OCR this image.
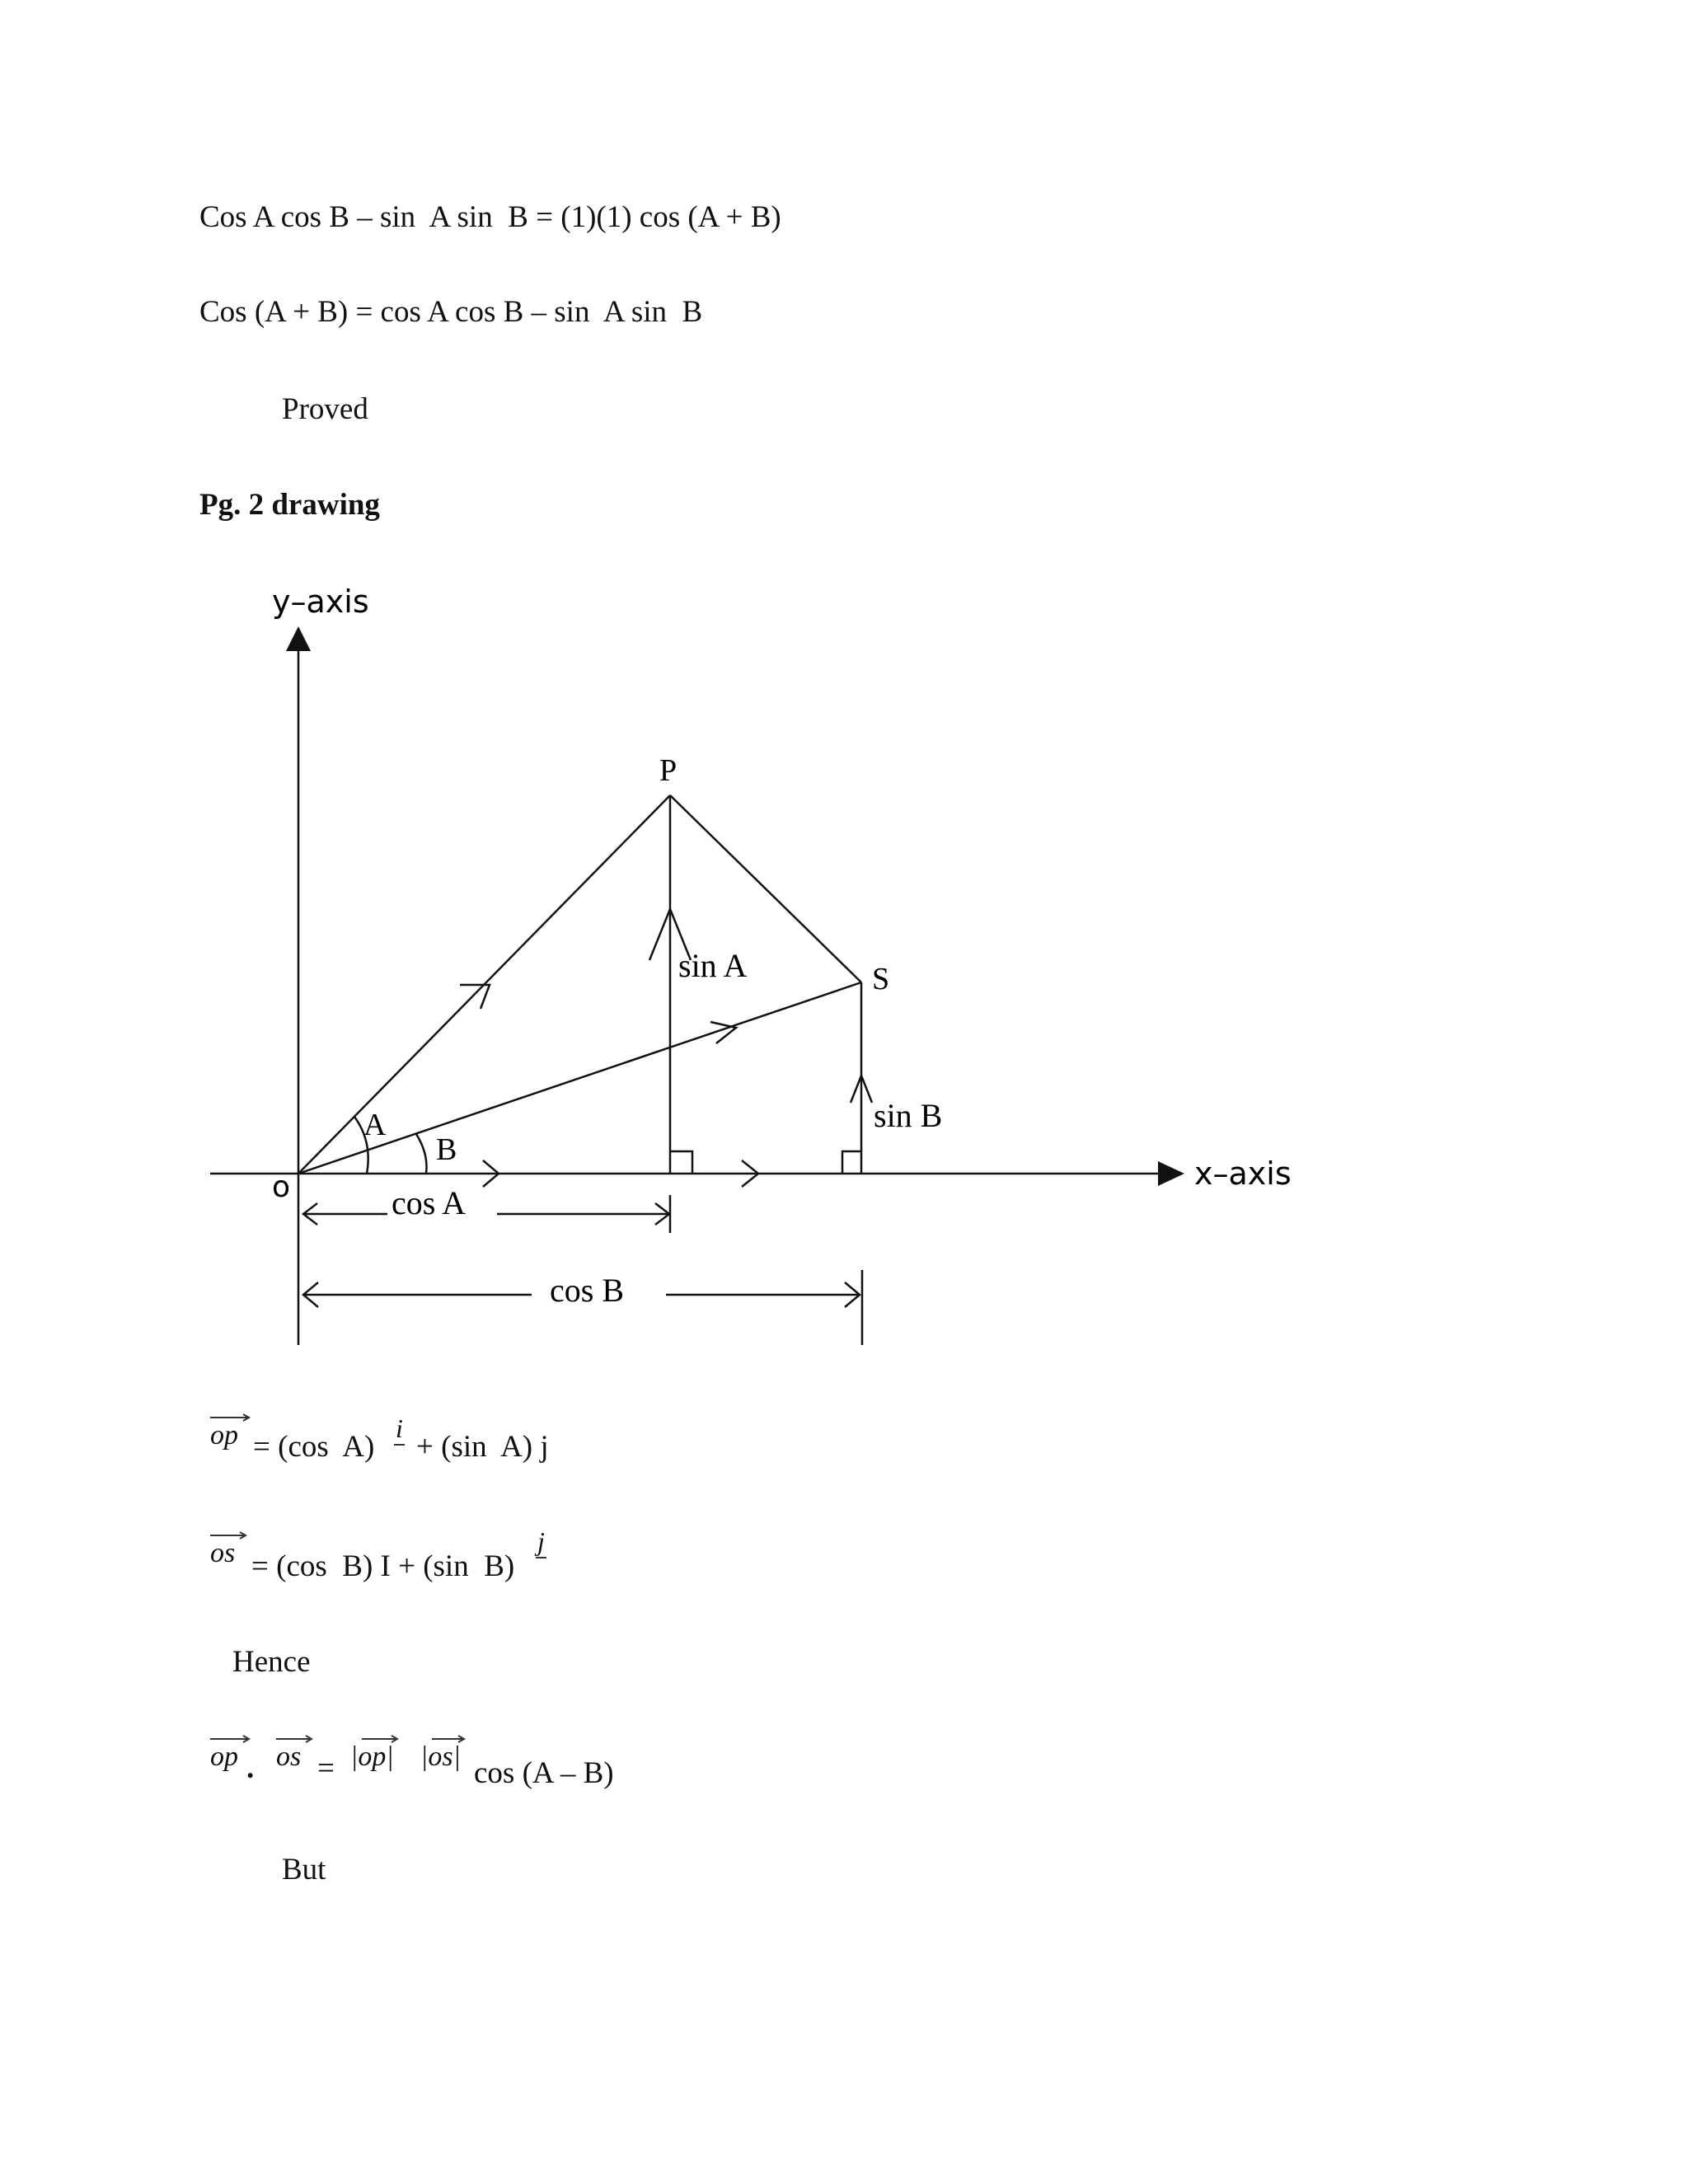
Cos A cos B – sin  A sin  B = (1)(1) cos (A + B)
Cos (A + B) = cos A cos B – sin  A sin  B
Proved
Pg. 2 drawing
y–axis
x–axis
o
P
S
A
B
sin A
sin B
cos A
cos B
op = (cos  A)
i
+ (sin  A) j
os = (cos  B) I + (sin  B)
j
Hence
op . os = |op| |os| cos (A – B)
But
